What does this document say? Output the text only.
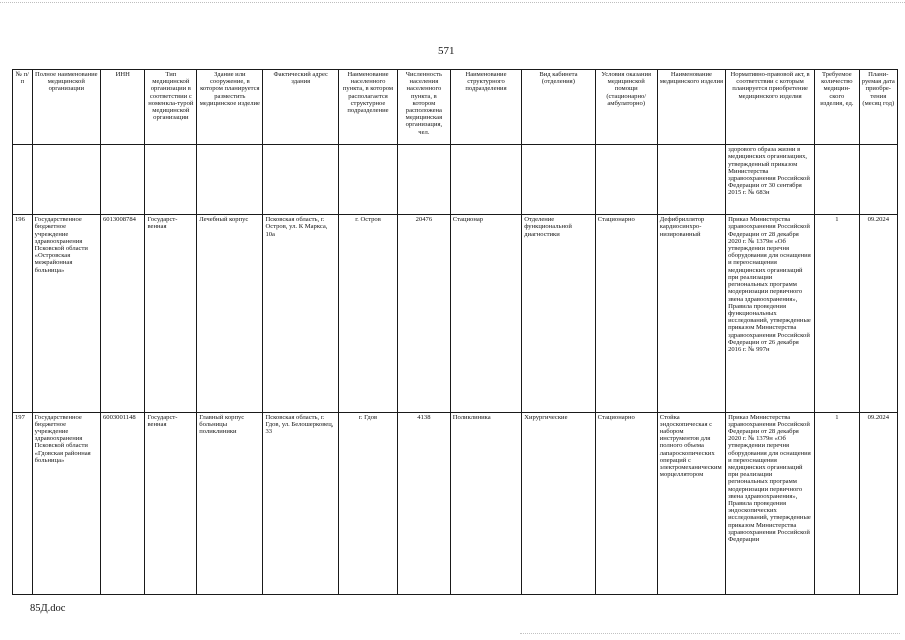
571
№ п/п	Полное наименование медицинской организации	ИНН	Тип медицинской организации в соответствии с номенкла-турой медицинской организации	Здание или сооружение, в котором планируется разместить медицинское изделие	Фактический адрес здания	Наименование населенного пункта, в котором располагается структурное подразделение	Численность населения населенного пункта, в котором расположена медицинская организация, чел.	Наименование структурного подразделения	Вид кабинета (отделения)	Условия оказания медицинской помощи (стационарно/ амбулаторно)	Наименование медицинского изделия	Нормативно-правовой акт, в соответствии с которым планируется приобретение медицинского изделия	Требуемое количество медицин-ского изделия, ед.	Плани-руемая дата приобре-тения (месяц год)
												здорового образа жизни в медицинских организациях, утвержденный приказом Министерства здравоохранения Российской Федерации от 30 сентября 2015 г. № 683н		
196	Государственное бюджетное учреждение здравоохранения Псковской области «Островская межрайонная больница»	6013008784	Государст-венная	Лечебный корпус	Псковская область, г. Остров, ул. К Маркса, 10а	г. Остров	20476	Стационар	Отделение функциональной диагностики	Стационарно	Дефибриллятор кардиосинхро-низированный	Приказ Министерства здравоохранения Российской Федерации от 28 декабря 2020 г. № 1379н «Об утверждении перечня оборудования для оснащения и переоснащения медицинских организаций при реализации региональных программ модернизации первичного звена здравоохранения», Правила проведения функциональных исследований, утвержденные приказом Министерства здравоохранения Российской Федерации от 26 декабря 2016 г. № 997н	1	09.2024
197	Государственное бюджетное учреждение здравоохранения Псковской области «Гдовская районная больница»	6003001148	Государст-венная	Главный корпус больницы поликлиники	Псковская область, г. Гдов, ул. Белошерковец, 33	г. Гдов	4138	Поликлиника	Хирургические	Стационарно	Стойка эндоскопическая с набором инструментов для полного объема лапароскопических операций с электромеханическим морцеллятором	Приказ Министерства здравоохранения Российской Федерации от 28 декабря 2020 г. № 1379н «Об утверждении перечня оборудования для оснащения и переоснащения медицинских организаций при реализации региональных программ модернизации первичного звена здравоохранения», Правила проведения эндоскопических исследований, утвержденные приказом Министерства здравоохранения Российской Федерации	1	09.2024
85Д.doc
